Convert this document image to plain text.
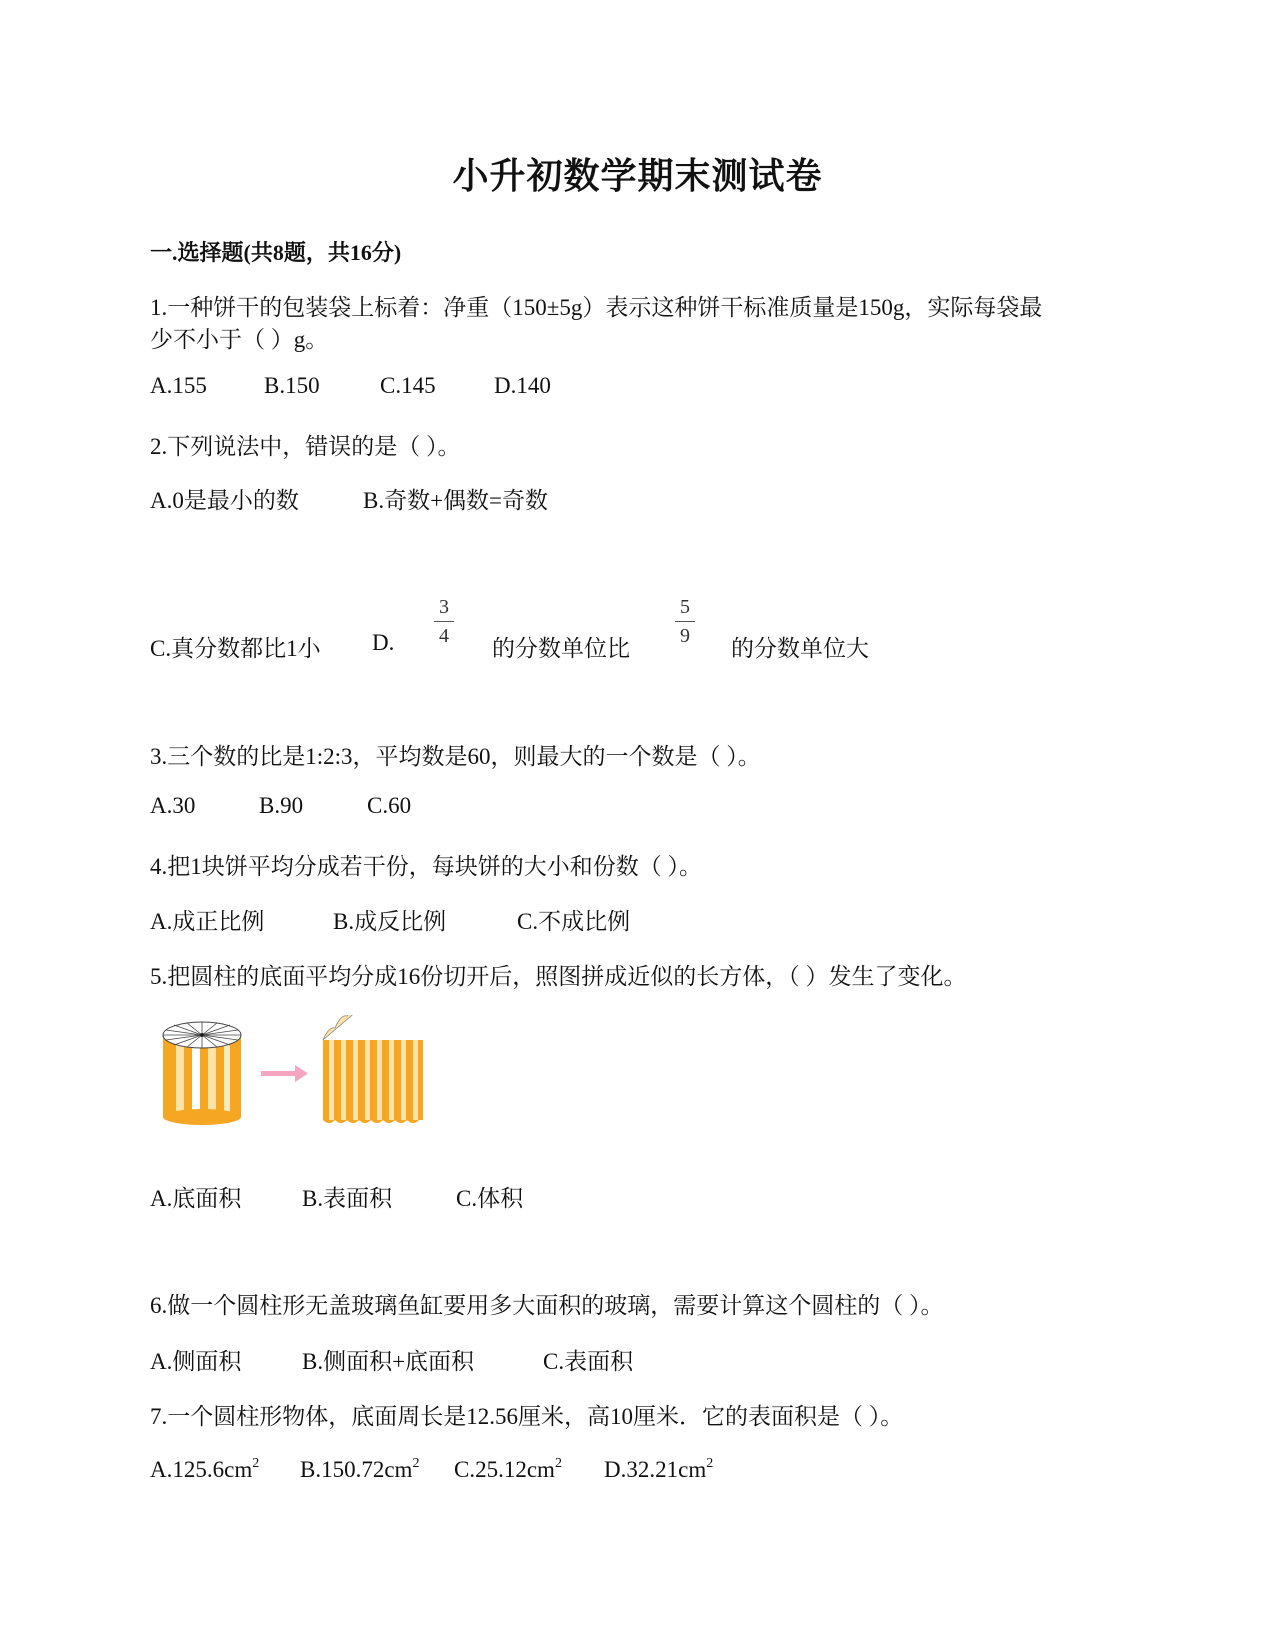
小升初数学期末测试卷
一.选择题(共8题，共16分)
1.一种饼干的包装袋上标着：净重（150±5g）表示这种饼干标准质量是150g，实际每袋最
少不小于（ ）g。
A.155 B.150	C.145	D.140
2.下列说法中，错误的是（ ）。
A.0是最小的数	B.奇数+偶数=奇数
C.真分数都比1小 D.
3
4	的分数单位比
5
9	的分数单位大
3.三个数的比是1:2:3，平均数是60，则最大的一个数是（ ）。
A.30	B.90	C.60
4.把1块饼平均分成若干份，每块饼的大小和份数（ ）。
A.成正比例	B.成反比例	C.不成比例
5.把圆柱的底面平均分成16份切开后，照图拼成近似的长方体，（ ）发生了变化。
A.底面积	B.表面积	C.体积
6.做一个圆柱形无盖玻璃鱼缸要用多大面积的玻璃，需要计算这个圆柱的（ ）。
A.侧面积	B.侧面积+底面积	C.表面积
7.一个圆柱形物体，底面周长是12.56厘米，高10厘米．它的表面积是（ ）。
$A.125.6cm^2$ $B.150.72cm^2$ $C.25.12cm^2$ $D.32.21cm^2$
